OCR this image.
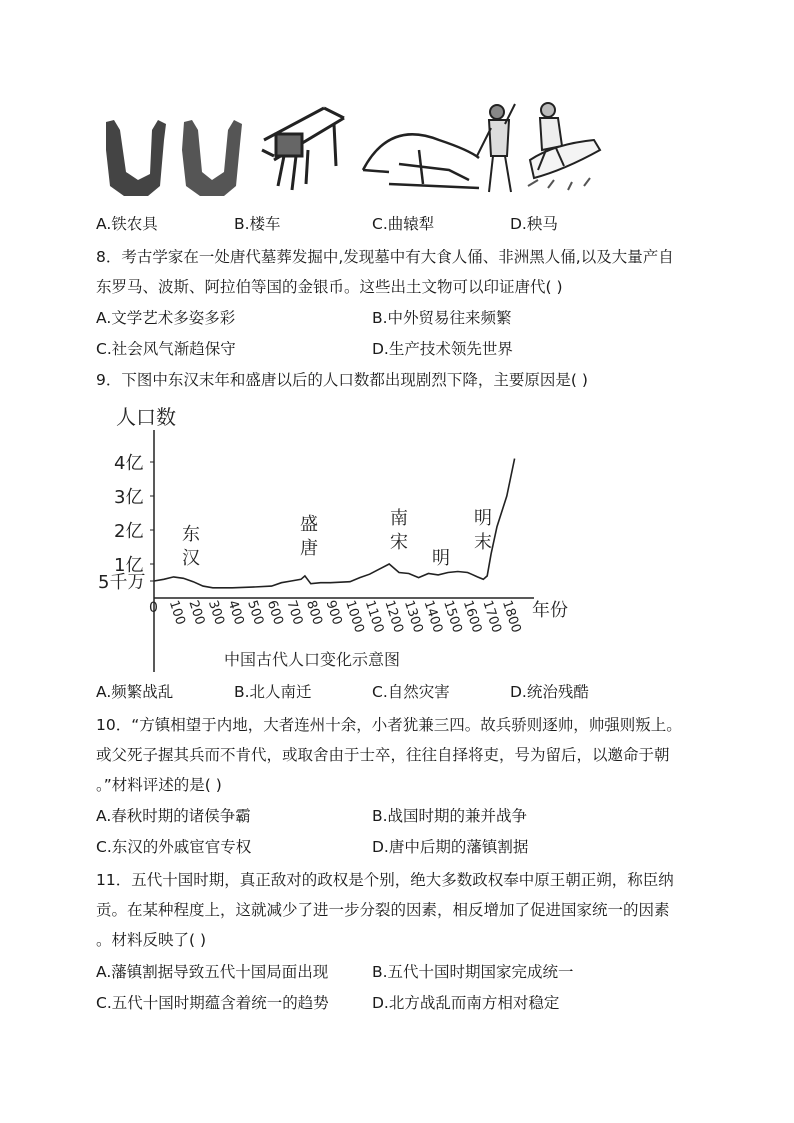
A.铁农具	B.楼车	C.曲辕犁	D.秧马
8．考古学家在一处唐代墓葬发掘中,发现墓中有大食人俑、非洲黑人俑,以及大量产自
东罗马、波斯、阿拉伯等国的金银币。这些出土文物可以印证唐代( )
A.文学艺术多姿多彩	B.中外贸易往来频繁
C.社会风气渐趋保守	D.生产技术领先世界
9．下图中东汉末年和盛唐以后的人口数都出现剧烈下降，主要原因是( )
人口数
年份
5千万
1亿
2亿
3亿
4亿
0 100
200
300
400
500
600
700
800
900
1000
1100
1200
1300
1400
1500
1600
1700
1800
东
汉
盛
唐
南
宋
明
明
末
中国古代人口变化示意图
A.频繁战乱	B.北人南迁	C.自然灾害	D.统治残酷
10．“方镇相望于内地，大者连州十余，小者犹兼三四。故兵骄则逐帅，帅强则叛上。
或父死子握其兵而不肯代，或取舍由于士卒，往往自择将吏，号为留后，以邀命于朝
。”材料评述的是( )
A.春秋时期的诸侯争霸	B.战国时期的兼并战争
C.东汉的外戚宦官专权	D.唐中后期的藩镇割据
11．五代十国时期，真正敌对的政权是个别，绝大多数政权奉中原王朝正朔，称臣纳
贡。在某种程度上，这就减少了进一步分裂的因素，相反增加了促进国家统一的因素
。材料反映了( )
A.藩镇割据导致五代十国局面出现	B.五代十国时期国家完成统一
C.五代十国时期蕴含着统一的趋势	D.北方战乱而南方相对稳定
